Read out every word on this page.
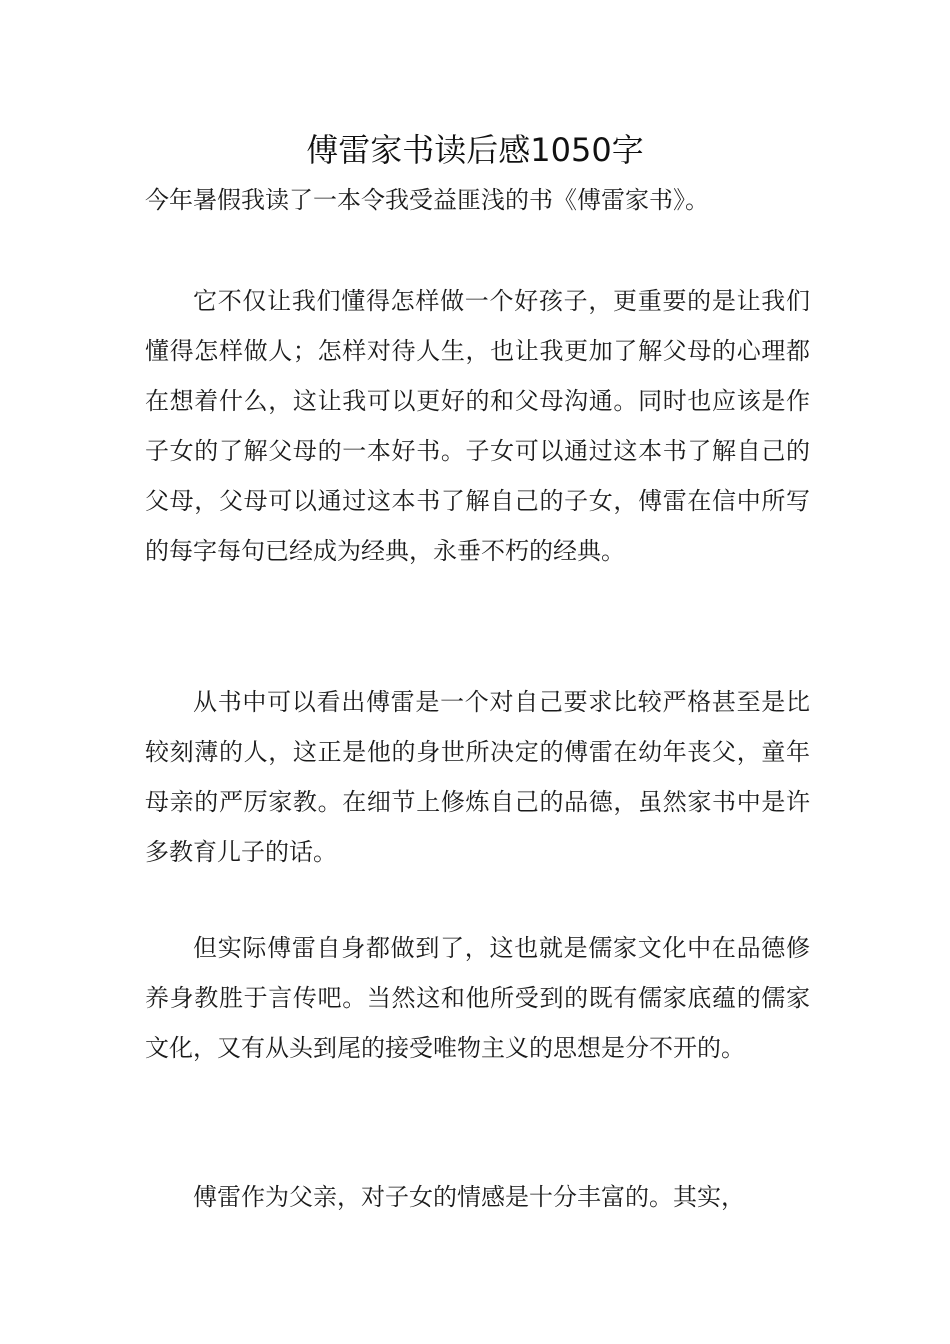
傅雷家书读后感1050字

今年暑假我读了一本令我受益匪浅的书《傅雷家书》。

它不仅让我们懂得怎样做一个好孩子，更重要的是让我们懂得怎样做人；怎样对待人生，也让我更加了解父母的心理都在想着什么，这让我可以更好的和父母沟通。同时也应该是作子女的了解父母的一本好书。子女可以通过这本书了解自己的父母，父母可以通过这本书了解自己的子女，傅雷在信中所写的每字每句已经成为经典，永垂不朽的经典。

从书中可以看出傅雷是一个对自己要求比较严格甚至是比较刻薄的人，这正是他的身世所决定的傅雷在幼年丧父，童年母亲的严厉家教。在细节上修炼自己的品德，虽然家书中是许多教育儿子的话。

但实际傅雷自身都做到了，这也就是儒家文化中在品德修养身教胜于言传吧。当然这和他所受到的既有儒家底蕴的儒家文化，又有从头到尾的接受唯物主义的思想是分不开的。

傅雷作为父亲，对子女的情感是十分丰富的。其实，
